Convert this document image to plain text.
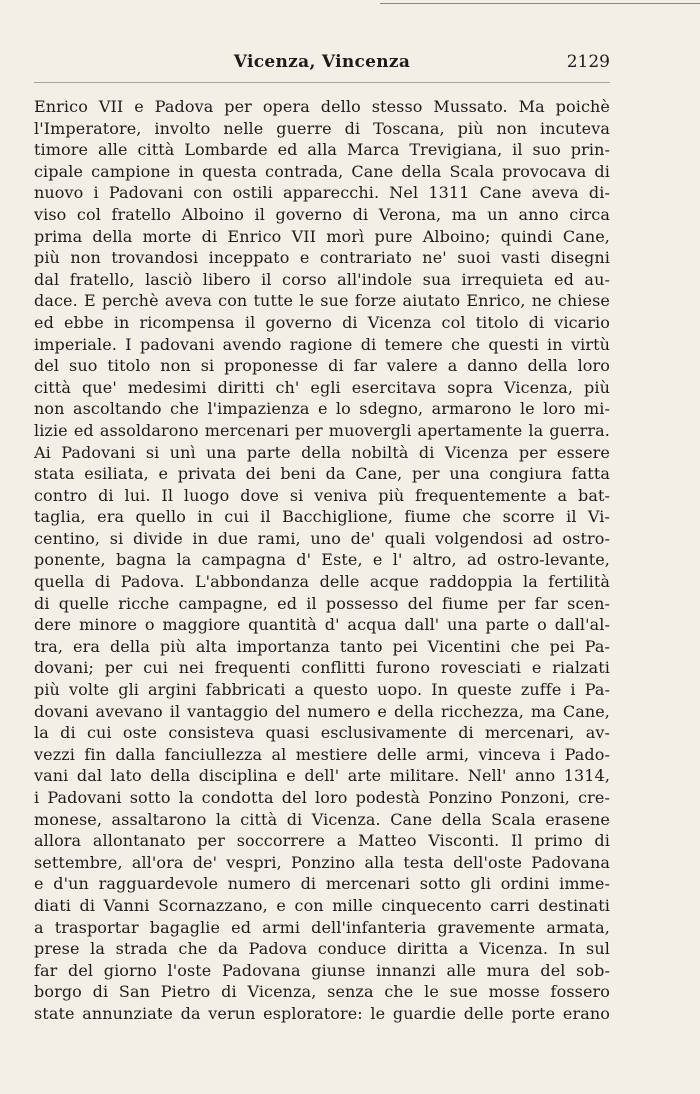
Vicenza, Vincenza	2129
Enrico VII e Padova per opera dello stesso Mussato. Ma poichè
l'Imperatore, involto nelle guerre di Toscana, più non incuteva
timore alle città Lombarde ed alla Marca Trevigiana, il suo prin-
cipale campione in questa contrada, Cane della Scala provocava di
nuovo i Padovani con ostili apparecchi. Nel 1311 Cane aveva di-
viso col fratello Alboino il governo di Verona, ma un anno circa
prima della morte di Enrico VII morì pure Alboino; quindi Cane,
più non trovandosi inceppato e contrariato ne' suoi vasti disegni
dal fratello, lasciò libero il corso all'indole sua irrequieta ed au-
dace. E perchè aveva con tutte le sue forze aiutato Enrico, ne chiese
ed ebbe in ricompensa il governo di Vicenza col titolo di vicario
imperiale. I padovani avendo ragione di temere che questi in virtù
del suo titolo non si proponesse di far valere a danno della loro
città que' medesimi diritti ch' egli esercitava sopra Vicenza, più
non ascoltando che l'impazienza e lo sdegno, armarono le loro mi-
lizie ed assoldarono mercenari per muovergli apertamente la guerra.
Ai Padovani si unì una parte della nobiltà di Vicenza per essere
stata esiliata, e privata dei beni da Cane, per una congiura fatta
contro di lui. Il luogo dove si veniva più frequentemente a bat-
taglia, era quello in cui il Bacchiglione, fiume che scorre il Vi-
centino, si divide in due rami, uno de' quali volgendosi ad ostro-
ponente, bagna la campagna d' Este, e l' altro, ad ostro-levante,
quella di Padova. L'abbondanza delle acque raddoppia la fertilità
di quelle ricche campagne, ed il possesso del fiume per far scen-
dere minore o maggiore quantità d' acqua dall' una parte o dall'al-
tra, era della più alta importanza tanto pei Vicentini che pei Pa-
dovani; per cui nei frequenti conflitti furono rovesciati e rialzati
più volte gli argini fabbricati a questo uopo. In queste zuffe i Pa-
dovani avevano il vantaggio del numero e della ricchezza, ma Cane,
la di cui oste consisteva quasi esclusivamente di mercenari, av-
vezzi fin dalla fanciullezza al mestiere delle armi, vinceva i Pado-
vani dal lato della disciplina e dell' arte militare. Nell' anno 1314,
i Padovani sotto la condotta del loro podestà Ponzino Ponzoni, cre-
monese, assaltarono la città di Vicenza. Cane della Scala erasene
allora allontanato per soccorrere a Matteo Visconti. Il primo di
settembre, all'ora de' vespri, Ponzino alla testa dell'oste Padovana
e d'un ragguardevole numero di mercenari sotto gli ordini imme-
diati di Vanni Scornazzano, e con mille cinquecento carri destinati
a trasportar bagaglie ed armi dell'infanteria gravemente armata,
prese la strada che da Padova conduce diritta a Vicenza. In sul
far del giorno l'oste Padovana giunse innanzi alle mura del sob-
borgo di San Pietro di Vicenza, senza che le sue mosse fossero
state annunziate da verun esploratore: le guardie delle porte erano
